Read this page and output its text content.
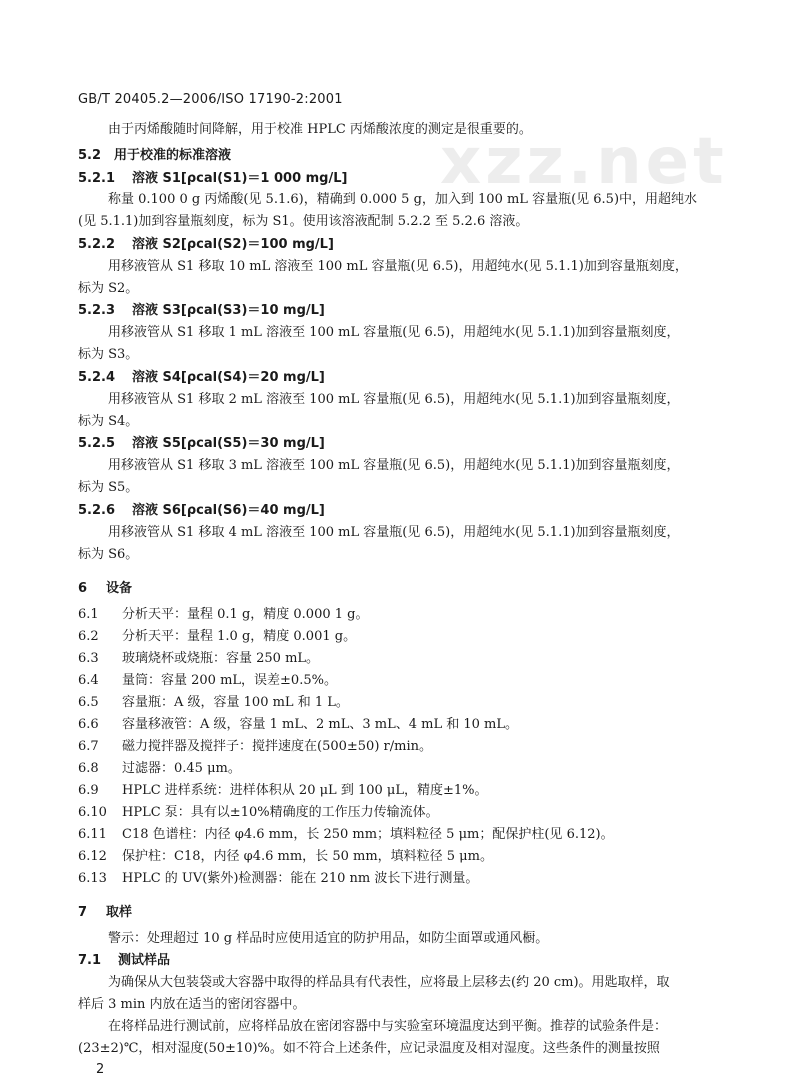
xzz.net
GB/T 20405.2—2006/ISO 17190-2:2001
由于丙烯酸随时间降解，用于校准 HPLC 丙烯酸浓度的测定是很重要的。
5.2 用于校准的标准溶液
5.2.1 溶液 S1[ρcal(S1)＝1 000 mg/L]
称量 0.100 0 g 丙烯酸(见 5.1.6)，精确到 0.000 5 g，加入到 100 mL 容量瓶(见 6.5)中，用超纯水
(见 5.1.1)加到容量瓶刻度，标为 S1。使用该溶液配制 5.2.2 至 5.2.6 溶液。
5.2.2 溶液 S2[ρcal(S2)＝100 mg/L]
用移液管从 S1 移取 10 mL 溶液至 100 mL 容量瓶(见 6.5)，用超纯水(见 5.1.1)加到容量瓶刻度，
标为 S2。
5.2.3 溶液 S3[ρcal(S3)＝10 mg/L]
用移液管从 S1 移取 1 mL 溶液至 100 mL 容量瓶(见 6.5)，用超纯水(见 5.1.1)加到容量瓶刻度，
标为 S3。
5.2.4 溶液 S4[ρcal(S4)＝20 mg/L]
用移液管从 S1 移取 2 mL 溶液至 100 mL 容量瓶(见 6.5)，用超纯水(见 5.1.1)加到容量瓶刻度，
标为 S4。
5.2.5 溶液 S5[ρcal(S5)＝30 mg/L]
用移液管从 S1 移取 3 mL 溶液至 100 mL 容量瓶(见 6.5)，用超纯水(见 5.1.1)加到容量瓶刻度，
标为 S5。
5.2.6 溶液 S6[ρcal(S6)＝40 mg/L]
用移液管从 S1 移取 4 mL 溶液至 100 mL 容量瓶(见 6.5)，用超纯水(见 5.1.1)加到容量瓶刻度，
标为 S6。
6 设备
6.1 分析天平：量程 0.1 g，精度 0.000 1 g。
6.2 分析天平：量程 1.0 g，精度 0.001 g。
6.3 玻璃烧杯或烧瓶：容量 250 mL。
6.4 量筒：容量 200 mL，误差±0.5%。
6.5 容量瓶：A 级，容量 100 mL 和 1 L。
6.6 容量移液管：A 级，容量 1 mL、2 mL、3 mL、4 mL 和 10 mL。
6.7 磁力搅拌器及搅拌子：搅拌速度在(500±50) r/min。
6.8 过滤器：0.45 μm。
6.9 HPLC 进样系统：进样体积从 20 μL 到 100 μL，精度±1%。
6.10 HPLC 泵：具有以±10%精确度的工作压力传输流体。
6.11 C18 色谱柱：内径 φ4.6 mm，长 250 mm；填料粒径 5 μm；配保护柱(见 6.12)。
6.12 保护柱：C18，内径 φ4.6 mm，长 50 mm，填料粒径 5 μm。
6.13 HPLC 的 UV(紫外)检测器：能在 210 nm 波长下进行测量。
7 取样
警示：处理超过 10 g 样品时应使用适宜的防护用品，如防尘面罩或通风橱。
7.1 测试样品
为确保从大包装袋或大容器中取得的样品具有代表性，应将最上层移去(约 20 cm)。用匙取样，取
样后 3 min 内放在适当的密闭容器中。
在将样品进行测试前，应将样品放在密闭容器中与实验室环境温度达到平衡。推荐的试验条件是：
(23±2)℃，相对湿度(50±10)%。如不符合上述条件，应记录温度及相对湿度。这些条件的测量按照
2
